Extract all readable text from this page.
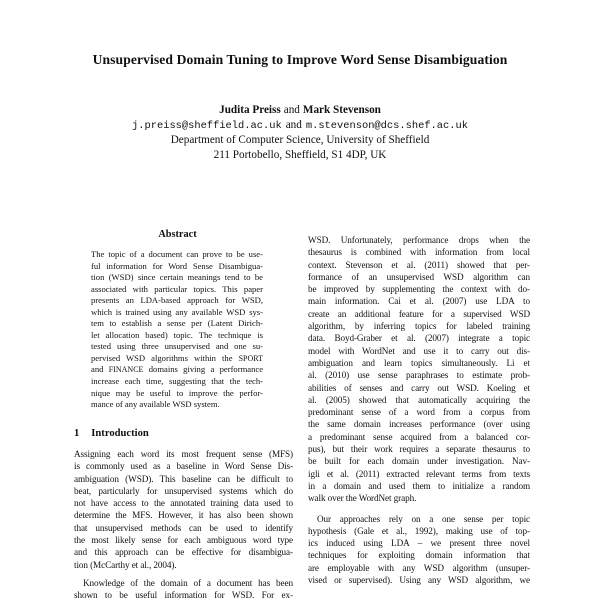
Unsupervised Domain Tuning to Improve Word Sense Disambiguation
Judita Preiss and Mark Stevenson
j.preiss@sheffield.ac.uk and m.stevenson@dcs.shef.ac.uk
Department of Computer Science, University of Sheffield
211 Portobello, Sheffield, S1 4DP, UK
Abstract
The topic of a document can prove to be use-
ful information for Word Sense Disambigua-
tion (WSD) since certain meanings tend to be
associated with particular topics. This paper
presents an LDA-based approach for WSD,
which is trained using any available WSD sys-
tem to establish a sense per (Latent Dirich-
let allocation based) topic. The technique is
tested using three unsupervised and one su-
pervised WSD algorithms within the SPORT
and FINANCE domains giving a performance
increase each time, suggesting that the tech-
nique may be useful to improve the perfor-
mance of any available WSD system.
1 Introduction
Assigning each word its most frequent sense (MFS)
is commonly used as a baseline in Word Sense Dis-
ambiguation (WSD). This baseline can be difficult to
beat, particularly for unsupervised systems which do
not have access to the annotated training data used to
determine the MFS. However, it has also been shown
that unsupervised methods can be used to identify
the most likely sense for each ambiguous word type
and this approach can be effective for disambigua-
tion (McCarthy et al., 2004).
Knowledge of the domain of a document has been
shown to be useful information for WSD. For ex-
WSD. Unfortunately, performance drops when the
thesaurus is combined with information from local
context. Stevenson et al. (2011) showed that per-
formance of an unsupervised WSD algorithm can
be improved by supplementing the context with do-
main information. Cai et al. (2007) use LDA to
create an additional feature for a supervised WSD
algorithm, by inferring topics for labeled training
data. Boyd-Graber et al. (2007) integrate a topic
model with WordNet and use it to carry out dis-
ambiguation and learn topics simultaneously. Li et
al. (2010) use sense paraphrases to estimate prob-
abilities of senses and carry out WSD. Koeling et
al. (2005) showed that automatically acquiring the
predominant sense of a word from a corpus from
the same domain increases performance (over using
a predominant sense acquired from a balanced cor-
pus), but their work requires a separate thesaurus to
be built for each domain under investigation. Nav-
igli et al. (2011) extracted relevant terms from texts
in a domain and used them to initialize a random
walk over the WordNet graph.
Our approaches rely on a one sense per topic
hypothesis (Gale et al., 1992), making use of top-
ics induced using LDA – we present three novel
techniques for exploiting domain information that
are employable with any WSD algorithm (unsuper-
vised or supervised). Using any WSD algorithm, we
